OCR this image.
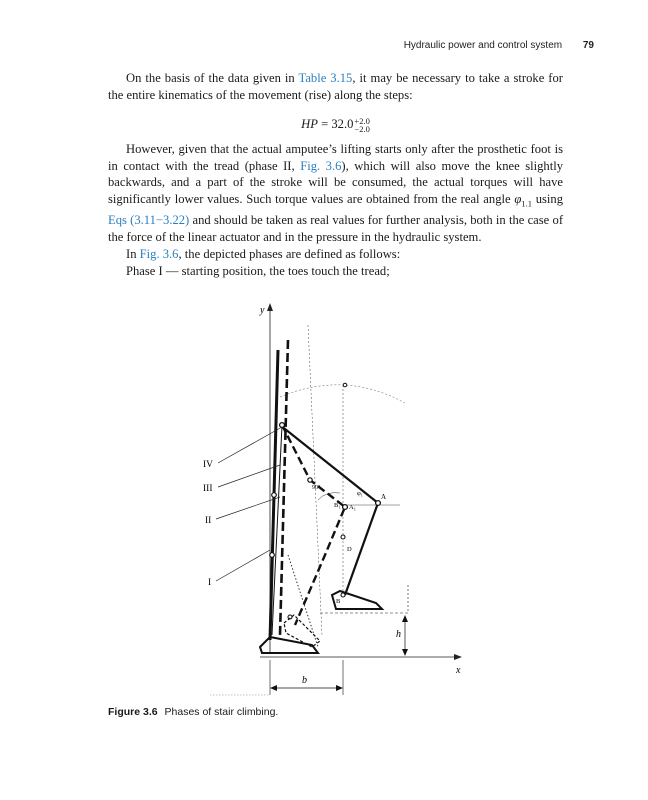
Hydraulic power and control system 79

On the basis of the data given in Table 3.15, it may be necessary to take a stroke for the entire kinematics of the movement (rise) along the steps:

HP = 32.0 +2.0
−2.0

However, given that the actual amputee’s lifting starts only after the prosthetic foot is in contact with the tread (phase II, Fig. 3.6), which will also move the knee slightly backwards, and a part of the stroke will be consumed, the actual torques will have significantly lower values. Such torque values are obtained from the real angle $\varphi_{1.1}$ using Eqs (3.11−3.22) and should be taken as real values for further analysis, both in the case of the force of the linear actuator and in the pressure in the hydraulic system.

In Fig. 3.6, the depicted phases are defined as follows:

Phase I — starting position, the toes touch the tread;

y
x
h
b
IV
III
II
I
A
A₁
B₁
B
D
φ₁
90°
Figure 3.6 Phases of stair climbing.
